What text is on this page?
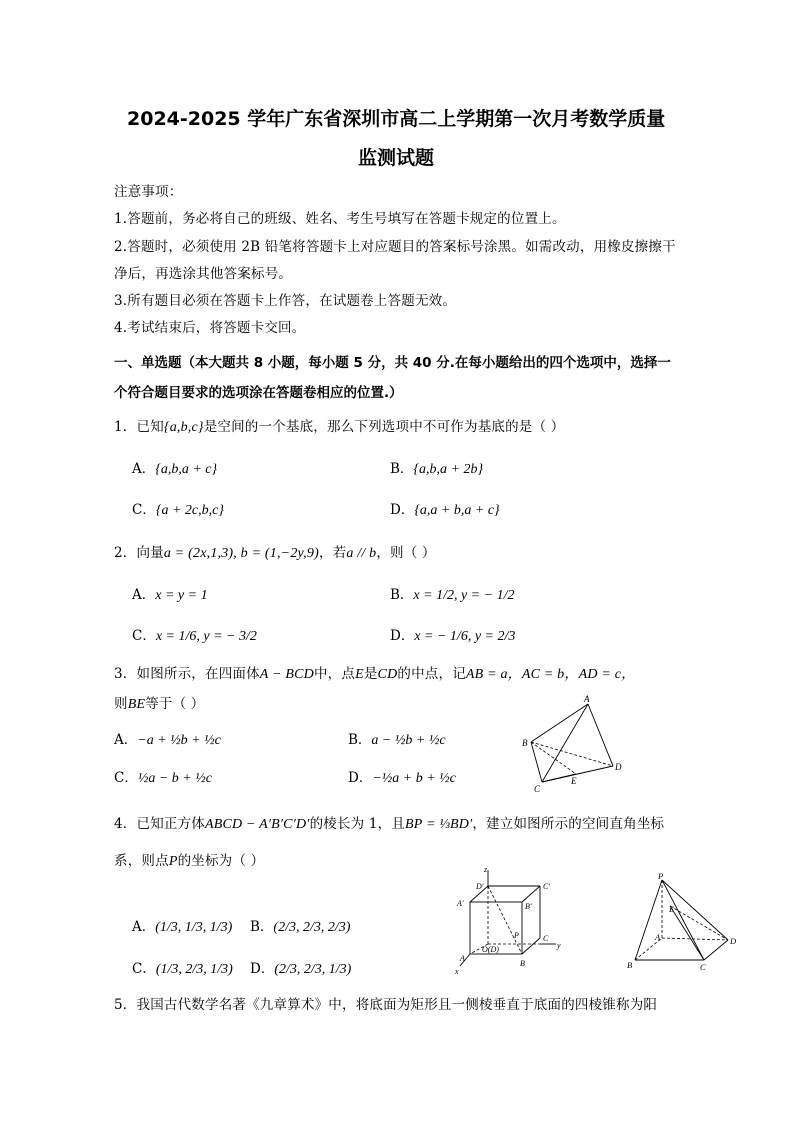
2024-2025 学年广东省深圳市高二上学期第一次月考数学质量
监测试题
注意事项：
1.答题前，务必将自己的班级、姓名、考生号填写在答题卡规定的位置上。
2.答题时，必须使用 2B 铅笔将答题卡上对应题目的答案标号涂黑。如需改动，用橡皮擦擦干
净后，再选涂其他答案标号。
3.所有题目必须在答题卡上作答，在试题卷上答题无效。
4.考试结束后，将答题卡交回。
一、单选题（本大题共 8 小题，每小题 5 分，共 40 分.在每小题给出的四个选项中，选择一
个符合题目要求的选项涂在答题卷相应的位置.）
1．已知{a,b,c}是空间的一个基底，那么下列选项中不可作为基底的是（ ）
A．{a,b,a + c}	B．{a,b,a + 2b}
C．{a + 2c,b,c}	D．{a,a + b,a + c}
2．向量a = (2x,1,3), b = (1,−2y,9)，若a // b，则（ ）
A．x = y = 1	B．x = 1/2, y = − 1/2
C．x = 1/6, y = − 3/2	D．x = − 1/6, y = 2/3
3．如图所示，在四面体A − BCD中，点E是CD的中点，记AB = a，AC = b，AD = c，
则BE等于（ ）
A．−a + ½b + ½c	B．a − ½b + ½c
C．½a − b + ½c	D．−½a + b + ½c
A
B
C
D
E
4．已知正方体ABCD − A′B′C′D′的棱长为 1，且BP = ⅓BD′，建立如图所示的空间直角坐标
系，则点P的坐标为（ ）
A．(1/3, 1/3, 1/3) B．(2/3, 2/3, 2/3)
C．(1/3, 2/3, 1/3) D．(2/3, 2/3, 1/3)
z
D′	C′
A′	B′
P
O(D)
C
y
A
B
x
P
E
A
B	C
D
5．我国古代数学名著《九章算术》中，将底面为矩形且一侧棱垂直于底面的四棱锥称为阳
